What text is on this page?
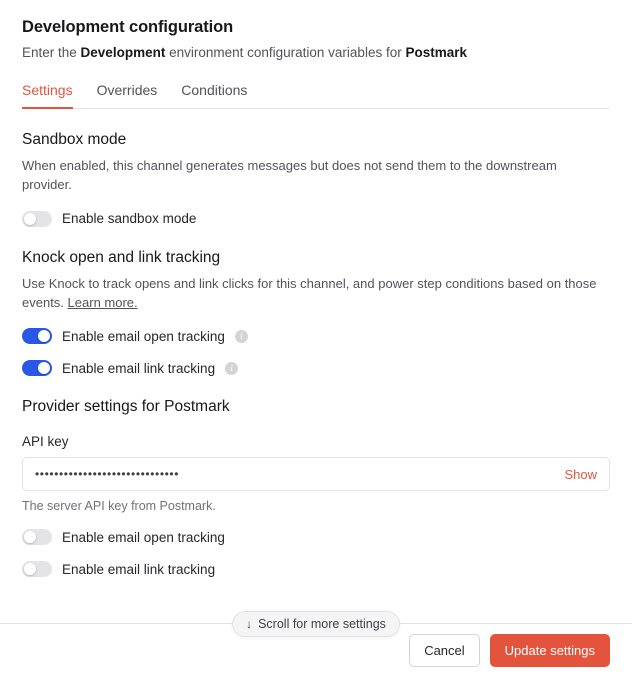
Development configuration
Enter the Development environment configuration variables for Postmark
Settings Overrides Conditions
Sandbox mode
When enabled, this channel generates messages but does not send them to the downstream provider.
Enable sandbox mode
Knock open and link tracking
Use Knock to track opens and link clicks for this channel, and power step conditions based on those events. Learn more.
Enable email open tracking	i
Enable email link tracking	i
Provider settings for Postmark
API key
••••••••••••••••••••••••••••••	Show
The server API key from Postmark.
Enable email open tracking
Enable email link tracking
↓ Scroll for more settings
Cancel	Update settings
